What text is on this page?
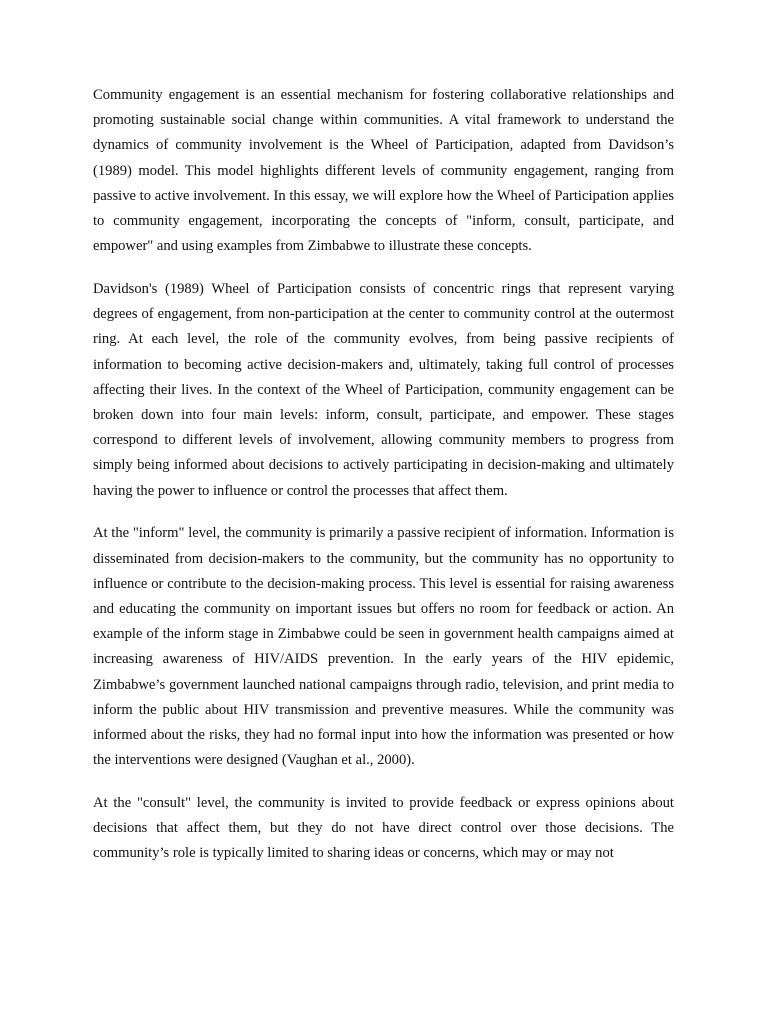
Community engagement is an essential mechanism for fostering collaborative relationships and promoting sustainable social change within communities. A vital framework to understand the dynamics of community involvement is the Wheel of Participation, adapted from Davidson’s (1989) model. This model highlights different levels of community engagement, ranging from passive to active involvement. In this essay, we will explore how the Wheel of Participation applies to community engagement, incorporating the concepts of "inform, consult, participate, and empower" and using examples from Zimbabwe to illustrate these concepts.

Davidson's (1989) Wheel of Participation consists of concentric rings that represent varying degrees of engagement, from non-participation at the center to community control at the outermost ring. At each level, the role of the community evolves, from being passive recipients of information to becoming active decision-makers and, ultimately, taking full control of processes affecting their lives. In the context of the Wheel of Participation, community engagement can be broken down into four main levels: inform, consult, participate, and empower. These stages correspond to different levels of involvement, allowing community members to progress from simply being informed about decisions to actively participating in decision-making and ultimately having the power to influence or control the processes that affect them.

At the "inform" level, the community is primarily a passive recipient of information. Information is disseminated from decision-makers to the community, but the community has no opportunity to influence or contribute to the decision-making process. This level is essential for raising awareness and educating the community on important issues but offers no room for feedback or action. An example of the inform stage in Zimbabwe could be seen in government health campaigns aimed at increasing awareness of HIV/AIDS prevention. In the early years of the HIV epidemic, Zimbabwe’s government launched national campaigns through radio, television, and print media to inform the public about HIV transmission and preventive measures. While the community was informed about the risks, they had no formal input into how the information was presented or how the interventions were designed (Vaughan et al., 2000).

At the "consult" level, the community is invited to provide feedback or express opinions about decisions that affect them, but they do not have direct control over those decisions. The community’s role is typically limited to sharing ideas or concerns, which may or may not
